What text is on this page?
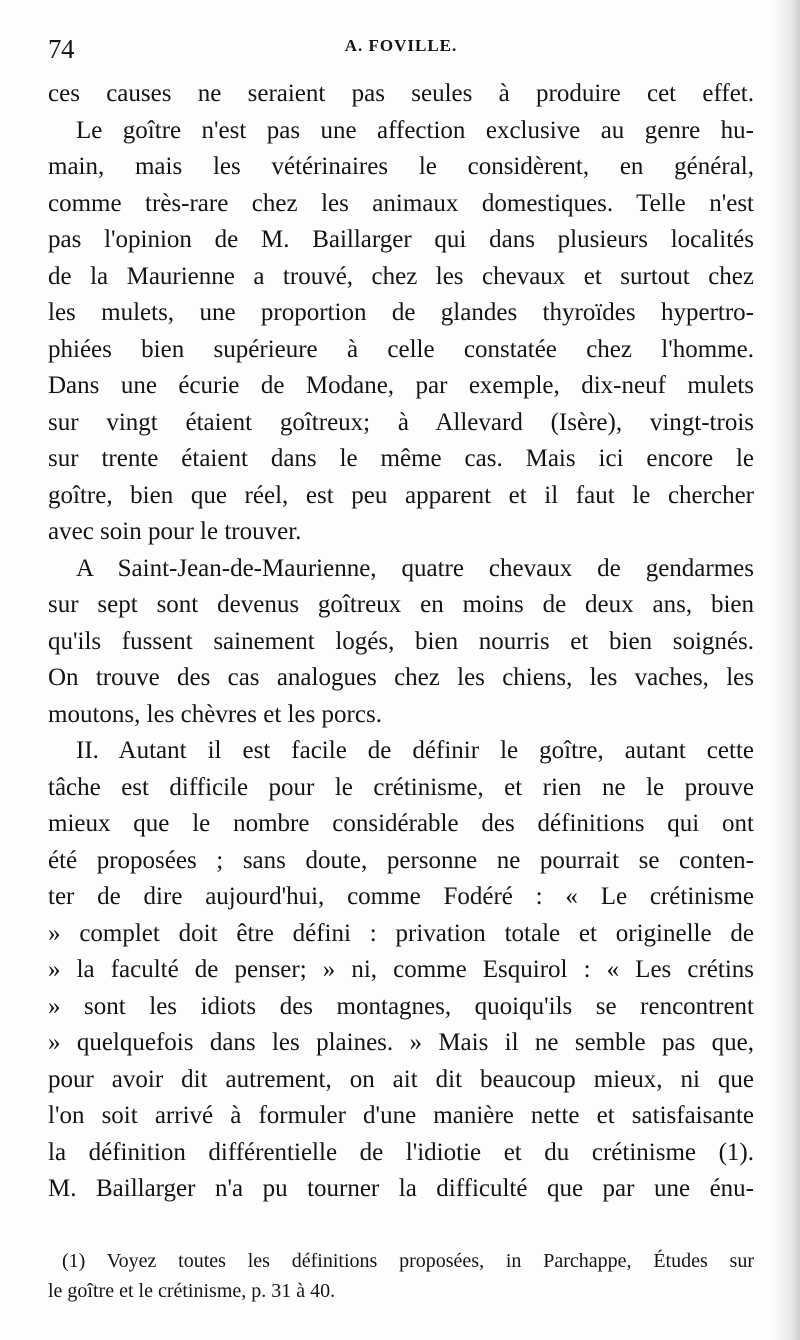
74	A. FOVILLE.
ces causes ne seraient pas seules à produire cet effet.
Le goître n'est pas une affection exclusive au genre hu-
main, mais les vétérinaires le considèrent, en général,
comme très-rare chez les animaux domestiques. Telle n'est
pas l'opinion de M. Baillarger qui dans plusieurs localités
de la Maurienne a trouvé, chez les chevaux et surtout chez
les mulets, une proportion de glandes thyroïdes hypertro-
phiées bien supérieure à celle constatée chez l'homme.
Dans une écurie de Modane, par exemple, dix-neuf mulets
sur vingt étaient goîtreux; à Allevard (Isère), vingt-trois
sur trente étaient dans le même cas. Mais ici encore le
goître, bien que réel, est peu apparent et il faut le chercher
avec soin pour le trouver.
A Saint-Jean-de-Maurienne, quatre chevaux de gendarmes
sur sept sont devenus goîtreux en moins de deux ans, bien
qu'ils fussent sainement logés, bien nourris et bien soignés.
On trouve des cas analogues chez les chiens, les vaches, les
moutons, les chèvres et les porcs.
II. Autant il est facile de définir le goître, autant cette
tâche est difficile pour le crétinisme, et rien ne le prouve
mieux que le nombre considérable des définitions qui ont
été proposées ; sans doute, personne ne pourrait se conten-
ter de dire aujourd'hui, comme Fodéré : « Le crétinisme
» complet doit être défini : privation totale et originelle de
» la faculté de penser; » ni, comme Esquirol : « Les crétins
» sont les idiots des montagnes, quoiqu'ils se rencontrent
» quelquefois dans les plaines. » Mais il ne semble pas que,
pour avoir dit autrement, on ait dit beaucoup mieux, ni que
l'on soit arrivé à formuler d'une manière nette et satisfaisante
la définition différentielle de l'idiotie et du crétinisme (1).
M. Baillarger n'a pu tourner la difficulté que par une énu-
(1) Voyez toutes les définitions proposées, in Parchappe, Études sur
le goître et le crétinisme, p. 31 à 40.
